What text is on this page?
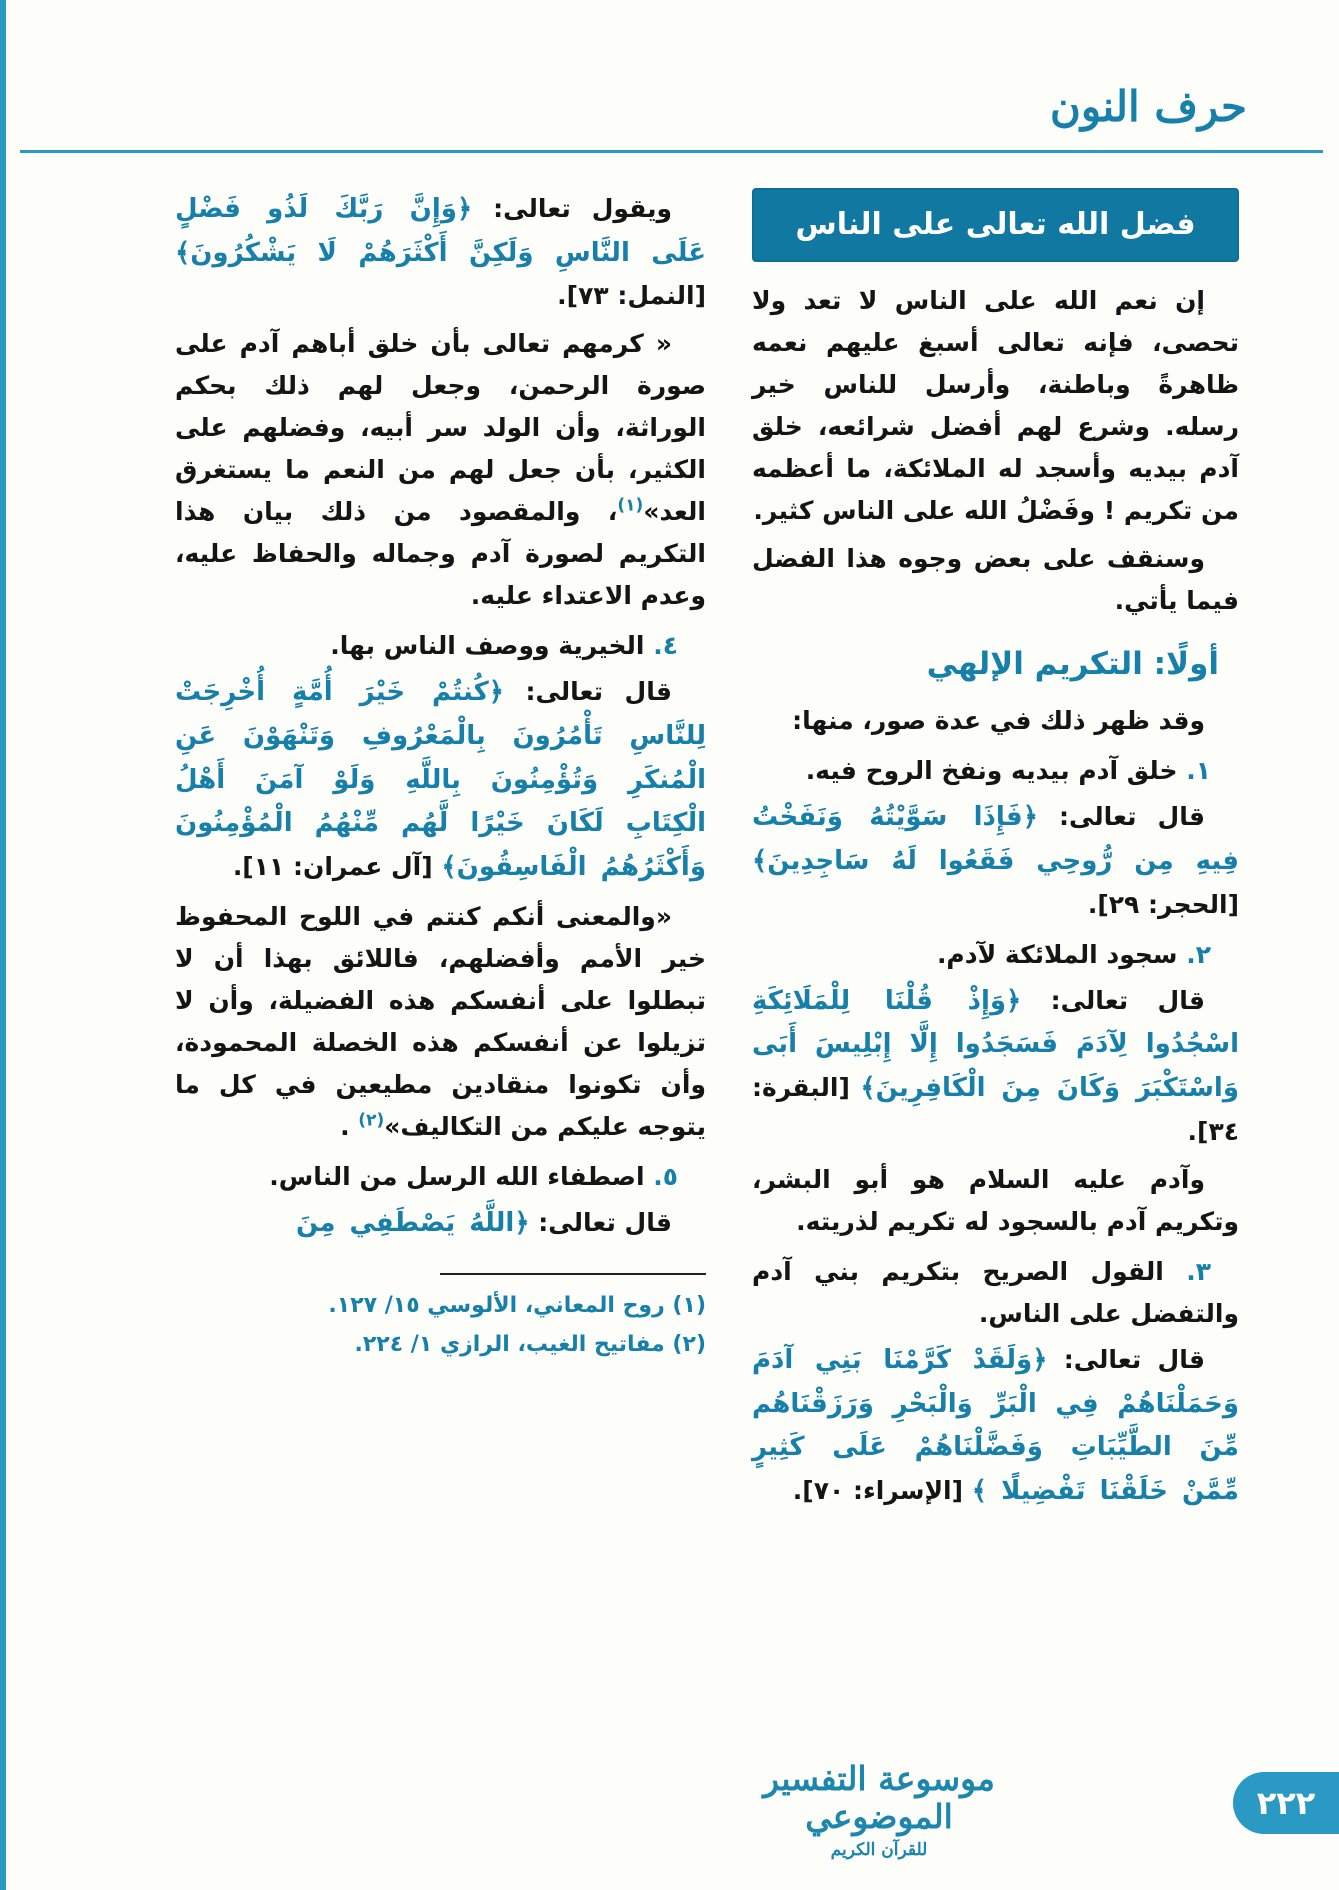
حرف النون
فضل الله تعالى على الناس

إن نعم الله على الناس لا تعد ولا تحصى، فإنه تعالى أسبغ عليهم نعمه ظاهرةً وباطنة، وأرسل للناس خير رسله. وشرع لهم أفضل شرائعه، خلق آدم بيديه وأسجد له الملائكة، ما أعظمه من تكريم ! وفَضْلُ الله على الناس كثير.

وسنقف على بعض وجوه هذا الفضل فيما يأتي.

أولًا: التكريم الإلهي

وقد ظهر ذلك في عدة صور، منها:

١. خلق آدم بيديه ونفخ الروح فيه.

قال تعالى: ﴿فَإِذَا سَوَّيْتُهُ وَنَفَخْتُ فِيهِ مِن رُّوحِي فَقَعُوا لَهُ سَاجِدِينَ﴾ [الحجر: ٢٩].

٢. سجود الملائكة لآدم.

قال تعالى: ﴿وَإِذْ قُلْنَا لِلْمَلَائِكَةِ اسْجُدُوا لِآدَمَ فَسَجَدُوا إِلَّا إِبْلِيسَ أَبَى وَاسْتَكْبَرَ وَكَانَ مِنَ الْكَافِرِينَ﴾ [البقرة: ٣٤].

وآدم عليه السلام هو أبو البشر، وتكريم آدم بالسجود له تكريم لذريته.

٣. القول الصريح بتكريم بني آدم والتفضل على الناس.

قال تعالى: ﴿وَلَقَدْ كَرَّمْنَا بَنِي آدَمَ وَحَمَلْنَاهُمْ فِي الْبَرِّ وَالْبَحْرِ وَرَزَقْنَاهُم مِّنَ الطَّيِّبَاتِ وَفَضَّلْنَاهُمْ عَلَى كَثِيرٍ مِّمَّنْ خَلَقْنَا تَفْضِيلًا ﴾ [الإسراء: ٧٠].

ويقول تعالى: ﴿وَإِنَّ رَبَّكَ لَذُو فَضْلٍ عَلَى النَّاسِ وَلَكِنَّ أَكْثَرَهُمْ لَا يَشْكُرُونَ﴾ [النمل: ٧٣].

« كرمهم تعالى بأن خلق أباهم آدم على صورة الرحمن، وجعل لهم ذلك بحكم الوراثة، وأن الولد سر أبيه، وفضلهم على الكثير، بأن جعل لهم من النعم ما يستغرق العد»$^{(١)}$، والمقصود من ذلك بيان هذا التكريم لصورة آدم وجماله والحفاظ عليه، وعدم الاعتداء عليه.

٤. الخيرية ووصف الناس بها.

قال تعالى: ﴿كُنتُمْ خَيْرَ أُمَّةٍ أُخْرِجَتْ لِلنَّاسِ تَأْمُرُونَ بِالْمَعْرُوفِ وَتَنْهَوْنَ عَنِ الْمُنكَرِ وَتُؤْمِنُونَ بِاللَّهِ وَلَوْ آمَنَ أَهْلُ الْكِتَابِ لَكَانَ خَيْرًا لَّهُم مِّنْهُمُ الْمُؤْمِنُونَ وَأَكْثَرُهُمُ الْفَاسِقُونَ﴾ [آل عمران: ١١].

«والمعنى أنكم كنتم في اللوح المحفوظ خير الأمم وأفضلهم، فاللائق بهذا أن لا تبطلوا على أنفسكم هذه الفضيلة، وأن لا تزيلوا عن أنفسكم هذه الخصلة المحمودة، وأن تكونوا منقادين مطيعين في كل ما يتوجه عليكم من التكاليف»$^{(٢)}$ .

٥. اصطفاء الله الرسل من الناس.

قال تعالى: ﴿اللَّهُ يَصْطَفِي مِنَ

(١) روح المعاني، الألوسي ١٥/ ١٢٧.

(٢) مفاتيح الغيب، الرازي ١/ ٢٢٤.

موسوعة التفسير الموضوعي
للقرآن الكريم
٢٢٢
